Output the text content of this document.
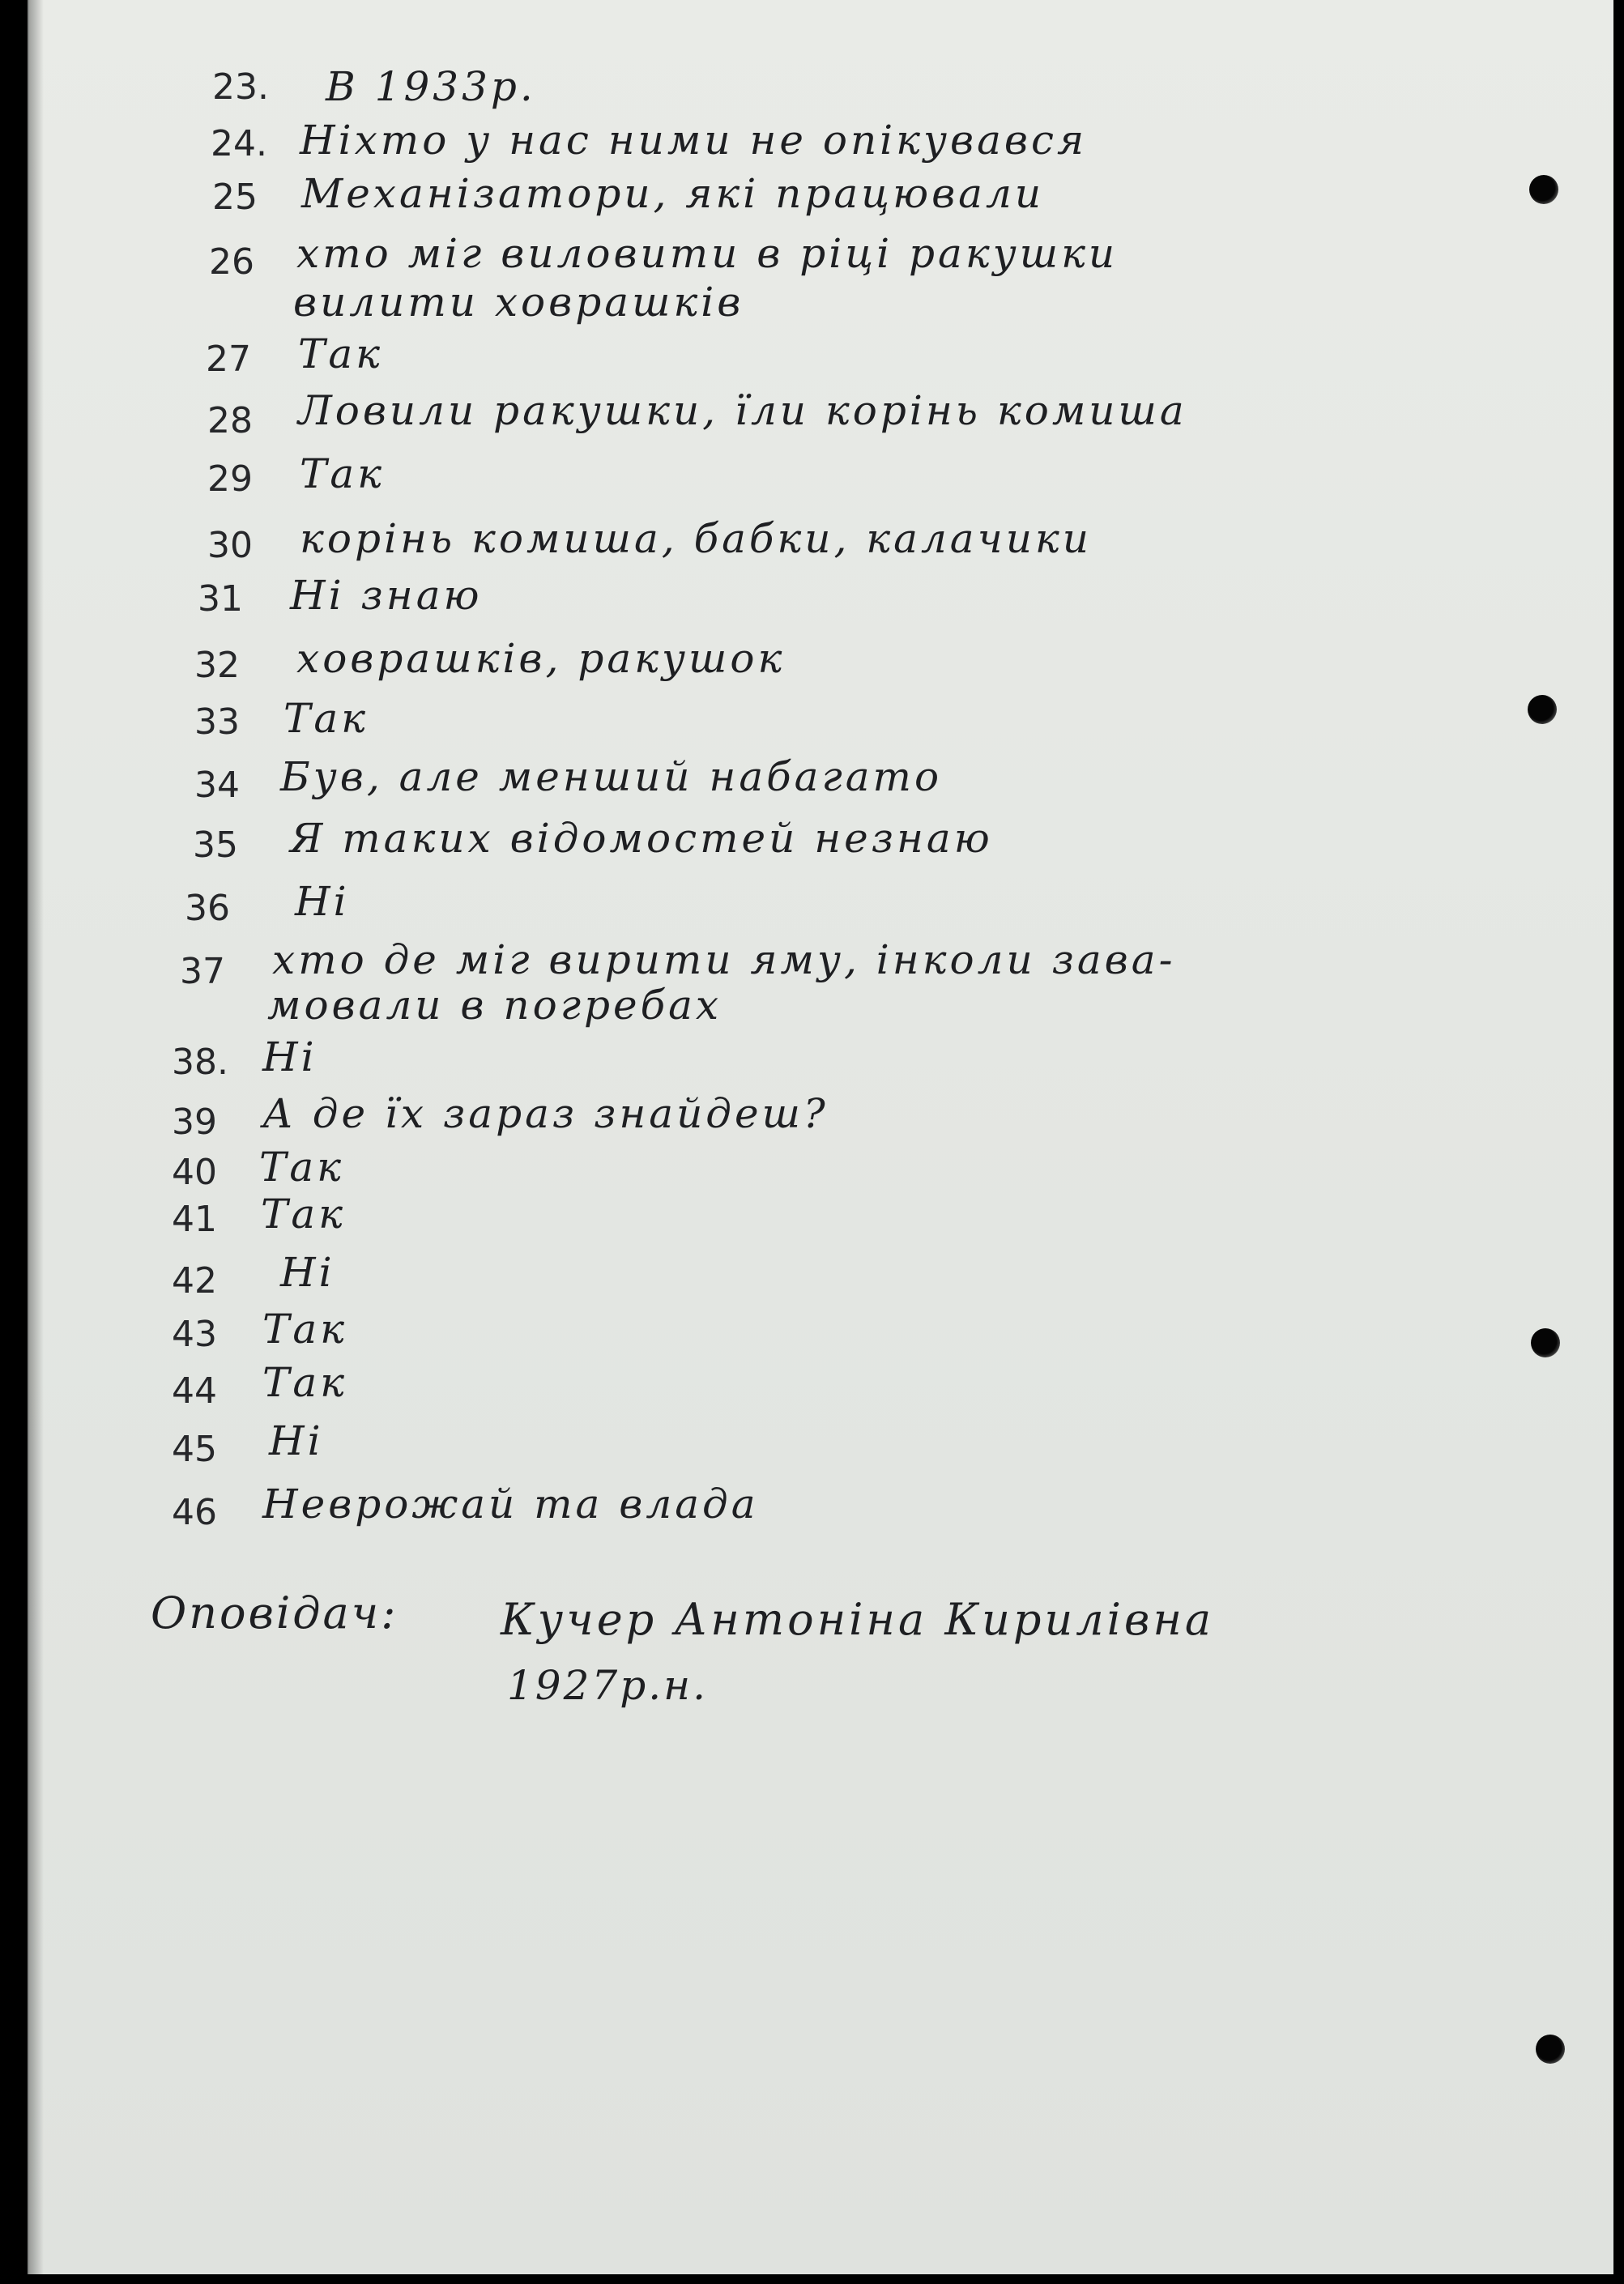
23. В 1933р.
24. Ніхто у нас ними не опікувався
25 Механізатори, які працювали
26 хто міг виловити в ріці ракушки
вилити ховрашків
27 Так
28 Ловили ракушки, їли корінь комиша
29 Так
30 корінь комиша, бабки, калачики
31 Ні знаю
32 ховрашків, ракушок
33 Так
34 Був, але менший набагато
35 Я таких відомостей незнаю
36 Ні
37 хто де міг вирити яму, інколи зава-
мовали в погребах
38. Ні
39 А де їх зараз знайдеш?
40 Так
41 Так
42 Ні
43 Так
44 Так
45 Ні
46 Неврожай та влада
Оповідач: Кучер Антоніна Кирилівна
1927р.н.
